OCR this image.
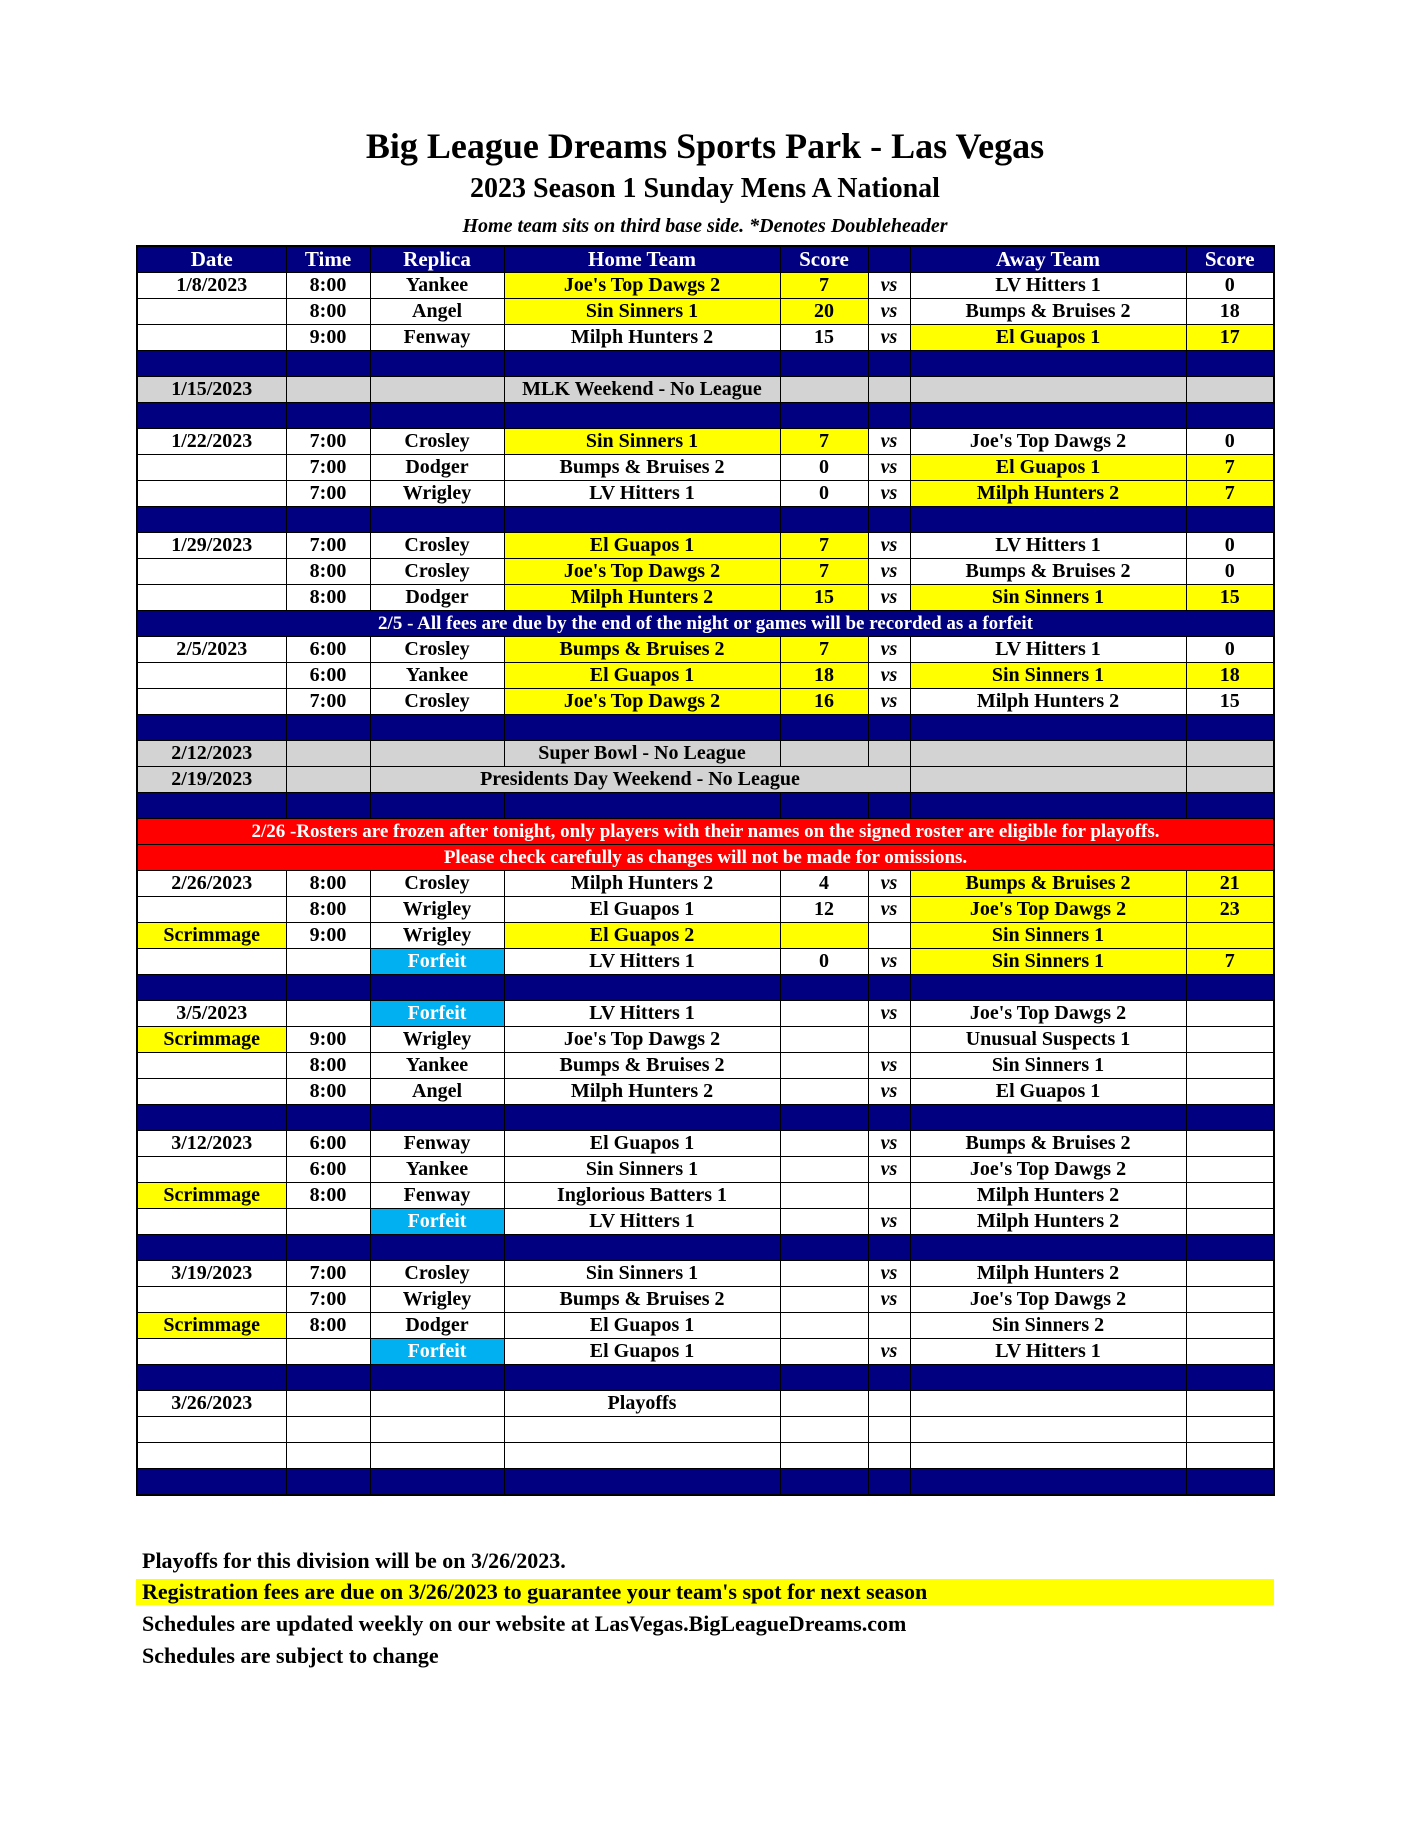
Big League Dreams Sports Park - Las Vegas
2023 Season 1 Sunday Mens A National
Home team sits on third base side. *Denotes Doubleheader
Date	Time	Replica	Home Team	Score		Away Team	Score
1/8/2023	8:00	Yankee	Joe's Top Dawgs 2	7	vs	LV Hitters 1	0
	8:00	Angel	Sin Sinners 1	20	vs	Bumps & Bruises 2	18
	9:00	Fenway	Milph Hunters 2	15	vs	El Guapos 1	17

1/15/2023			MLK Weekend - No League				

1/22/2023	7:00	Crosley	Sin Sinners 1	7	vs	Joe's Top Dawgs 2	0
	7:00	Dodger	Bumps & Bruises 2	0	vs	El Guapos 1	7
	7:00	Wrigley	LV Hitters 1	0	vs	Milph Hunters 2	7

1/29/2023	7:00	Crosley	El Guapos 1	7	vs	LV Hitters 1	0
	8:00	Crosley	Joe's Top Dawgs 2	7	vs	Bumps & Bruises 2	0
	8:00	Dodger	Milph Hunters 2	15	vs	Sin Sinners 1	15
2/5 - All fees are due by the end of the night or games will be recorded as a forfeit							
2/5/2023	6:00	Crosley	Bumps & Bruises 2	7	vs	LV Hitters 1	0
	6:00	Yankee	El Guapos 1	18	vs	Sin Sinners 1	18
	7:00	Crosley	Joe's Top Dawgs 2	16	vs	Milph Hunters 2	15

2/12/2023			Super Bowl - No League				
2/19/2023		Presidents Day Weekend - No League					

2/26 -Rosters are frozen after tonight, only players with their names on the signed roster are eligible for playoffs.							
Please check carefully as changes will not be made for omissions.							
2/26/2023	8:00	Crosley	Milph Hunters 2	4	vs	Bumps & Bruises 2	21
	8:00	Wrigley	El Guapos 1	12	vs	Joe's Top Dawgs 2	23
Scrimmage	9:00	Wrigley	El Guapos 2			Sin Sinners 1	
		Forfeit	LV Hitters 1	0	vs	Sin Sinners 1	7

3/5/2023		Forfeit	LV Hitters 1		vs	Joe's Top Dawgs 2	
Scrimmage	9:00	Wrigley	Joe's Top Dawgs 2			Unusual Suspects 1	
	8:00	Yankee	Bumps & Bruises 2		vs	Sin Sinners 1	
	8:00	Angel	Milph Hunters 2		vs	El Guapos 1	

3/12/2023	6:00	Fenway	El Guapos 1		vs	Bumps & Bruises 2	
	6:00	Yankee	Sin Sinners 1		vs	Joe's Top Dawgs 2	
Scrimmage	8:00	Fenway	Inglorious Batters 1			Milph Hunters 2	
		Forfeit	LV Hitters 1		vs	Milph Hunters 2	

3/19/2023	7:00	Crosley	Sin Sinners 1		vs	Milph Hunters 2	
	7:00	Wrigley	Bumps & Bruises 2		vs	Joe's Top Dawgs 2	
Scrimmage	8:00	Dodger	El Guapos 1			Sin Sinners 2	
		Forfeit	El Guapos 1		vs	LV Hitters 1	

3/26/2023			Playoffs				

Playoffs for this division will be on 3/26/2023.
Registration fees are due on 3/26/2023 to guarantee your team's spot for next season
Schedules are updated weekly on our website at LasVegas.BigLeagueDreams.com
Schedules are subject to change
